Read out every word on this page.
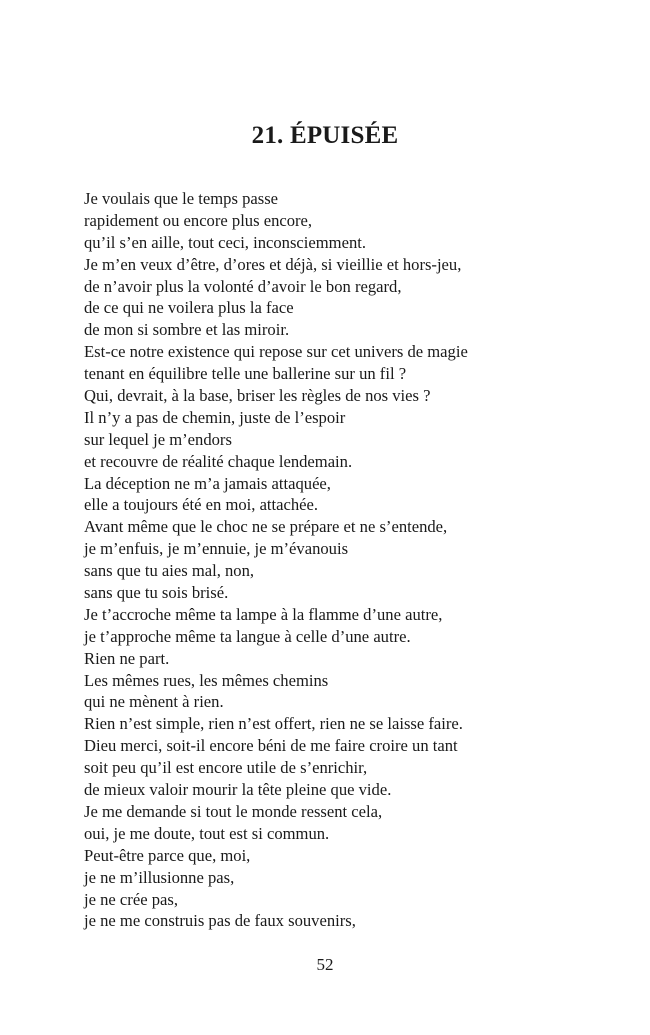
21. ÉPUISÉE
Je voulais que le temps passe
rapidement ou encore plus encore,
qu’il s’en aille, tout ceci, inconsciemment.
Je m’en veux d’être, d’ores et déjà, si vieillie et hors-jeu,
de n’avoir plus la volonté d’avoir le bon regard,
de ce qui ne voilera plus la face
de mon si sombre et las miroir.
Est-ce notre existence qui repose sur cet univers de magie
tenant en équilibre telle une ballerine sur un fil ?
Qui, devrait, à la base, briser les règles de nos vies ?
Il n’y a pas de chemin, juste de l’espoir
sur lequel je m’endors
et recouvre de réalité chaque lendemain.
La déception ne m’a jamais attaquée,
elle a toujours été en moi, attachée.
Avant même que le choc ne se prépare et ne s’entende,
je m’enfuis, je m’ennuie, je m’évanouis
sans que tu aies mal, non,
sans que tu sois brisé.
Je t’accroche même ta lampe à la flamme d’une autre,
je t’approche même ta langue à celle d’une autre.
Rien ne part.
Les mêmes rues, les mêmes chemins
qui ne mènent à rien.
Rien n’est simple, rien n’est offert, rien ne se laisse faire.
Dieu merci, soit-il encore béni de me faire croire un tant
soit peu qu’il est encore utile de s’enrichir,
de mieux valoir mourir la tête pleine que vide.
Je me demande si tout le monde ressent cela,
oui, je me doute, tout est si commun.
Peut-être parce que, moi,
je ne m’illusionne pas,
je ne crée pas,
je ne me construis pas de faux souvenirs,
52
